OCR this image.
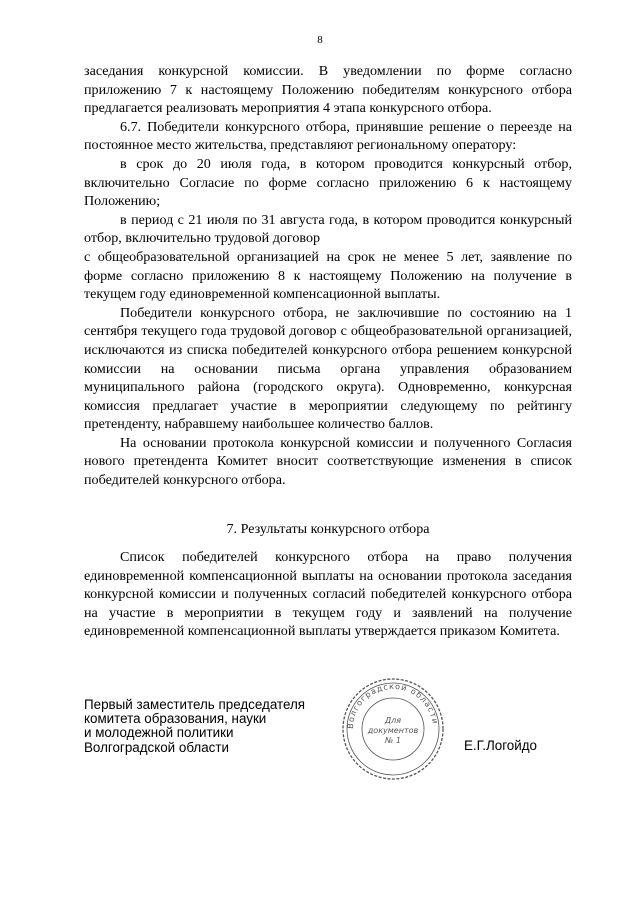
8

заседания конкурсной комиссии. В уведомлении по форме согласно приложению 7 к настоящему Положению победителям конкурсного отбора предлагается реализовать мероприятия 4 этапа конкурсного отбора.

6.7. Победители конкурсного отбора, принявшие решение о переезде на постоянное место жительства, представляют региональному оператору:

в срок до 20 июля года, в котором проводится конкурсный отбор, включительно Согласие по форме согласно приложению 6 к настоящему Положению;

в период с 21 июля по 31 августа года, в котором проводится конкурсный отбор, включительно трудовой договор

с общеобразовательной организацией на срок не менее 5 лет, заявление по форме согласно приложению 8 к настоящему Положению на получение в текущем году единовременной компенсационной выплаты.

Победители конкурсного отбора, не заключившие по состоянию на 1 сентября текущего года трудовой договор с общеобразовательной организацией, исключаются из списка победителей конкурсного отбора решением конкурсной комиссии на основании письма органа управления образованием муниципального района (городского округа). Одновременно, конкурсная комиссия предлагает участие в мероприятии следующему по рейтингу претенденту, набравшему наибольшее количество баллов.

На основании протокола конкурсной комиссии и полученного Согласия нового претендента Комитет вносит соответствующие изменения в список победителей конкурсного отбора.

7. Результаты конкурсного отбора

Список победителей конкурсного отбора на право получения единовременной компенсационной выплаты на основании протокола заседания конкурсной комиссии и полученных согласий победителей конкурсного отбора на участие в мероприятии в текущем году и заявлений на получение единовременной компенсационной выплаты утверждается приказом Комитета.

Первый заместитель председателя
комитета образования, науки
и молодежной политики
Волгоградской области
Волгоградской области
Для
документов
№ 1	Е.Г.Логойдо
